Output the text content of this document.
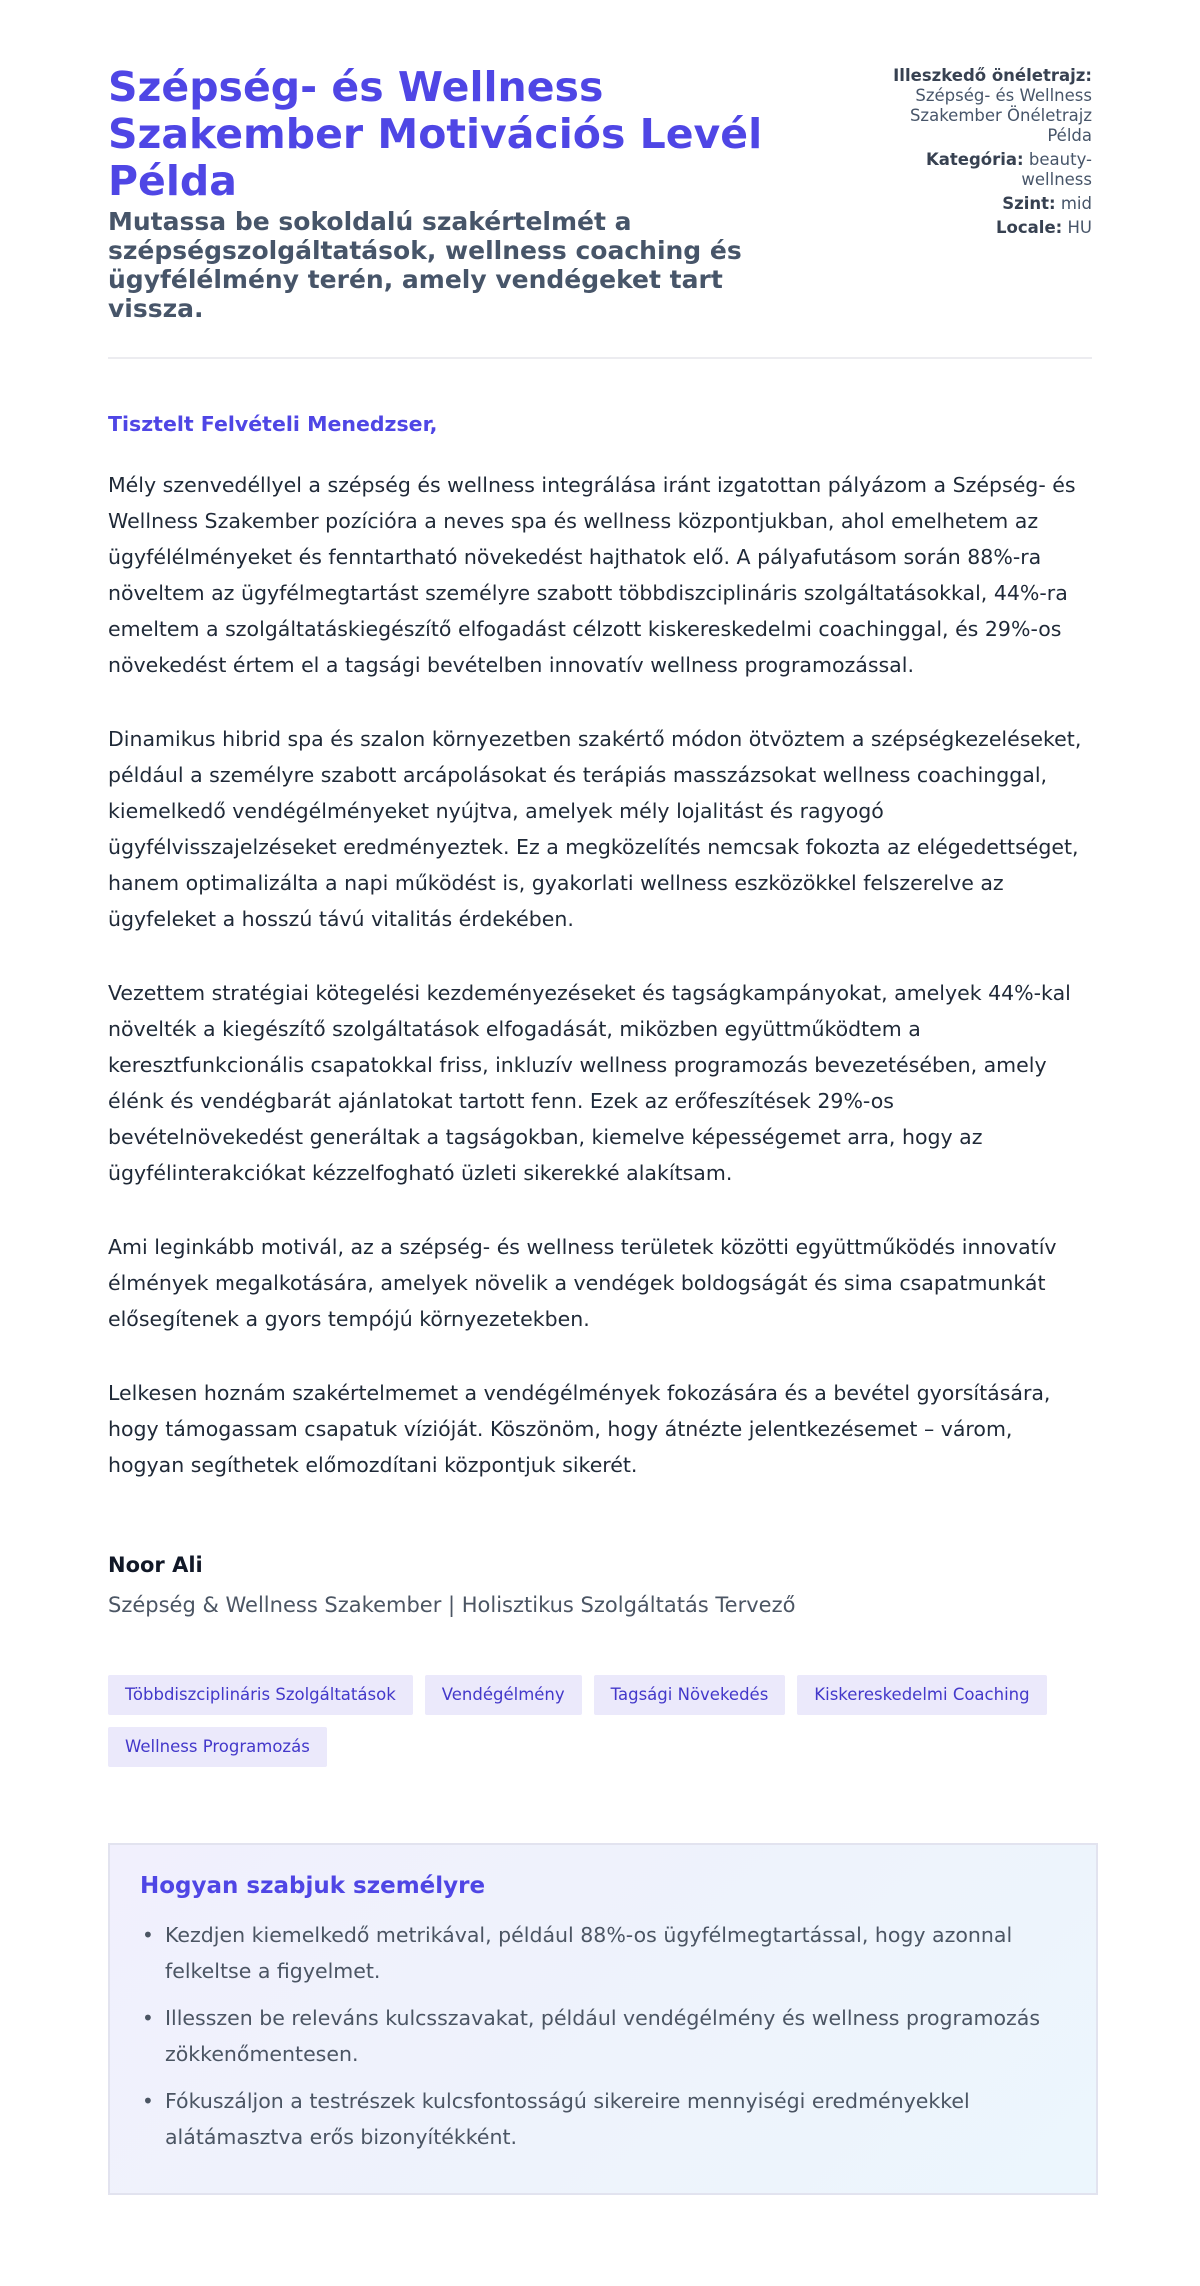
Szépség- és Wellness Szakember Motivációs Levél Példa
Mutassa be sokoldalú szakértelmét a szépségszolgáltatások, wellness coaching és ügyfélélmény terén, amely vendégeket tart vissza.
Illeszkedő önéletrajz: Szépség- és Wellness Szakember Önéletrajz Példa
Kategória: beauty-wellness
Szint: mid
Locale: HU

Tisztelt Felvételi Menedzser,

Mély szenvedéllyel a szépség és wellness integrálása iránt izgatottan pályázom a Szépség- és Wellness Szakember pozícióra a neves spa és wellness központjukban, ahol emelhetem az ügyfélélményeket és fenntartható növekedést hajthatok elő. A pályafutásom során 88%-ra növeltem az ügyfélmegtartást személyre szabott többdiszciplináris szolgáltatásokkal, 44%-ra emeltem a szolgáltatáskiegészítő elfogadást célzott kiskereskedelmi coachinggal, és 29%-os növekedést értem el a tagsági bevételben innovatív wellness programozással.

Dinamikus hibrid spa és szalon környezetben szakértő módon ötvöztem a szépségkezeléseket, például a személyre szabott arcápolásokat és terápiás masszázsokat wellness coachinggal, kiemelkedő vendégélményeket nyújtva, amelyek mély lojalitást és ragyogó ügyfélvisszajelzéseket eredményeztek. Ez a megközelítés nemcsak fokozta az elégedettséget, hanem optimalizálta a napi működést is, gyakorlati wellness eszközökkel felszerelve az ügyfeleket a hosszú távú vitalitás érdekében.

Vezettem stratégiai kötegelési kezdeményezéseket és tagságkampányokat, amelyek 44%-kal növelték a kiegészítő szolgáltatások elfogadását, miközben együttműködtem a keresztfunkcionális csapatokkal friss, inkluzív wellness programozás bevezetésében, amely élénk és vendégbarát ajánlatokat tartott fenn. Ezek az erőfeszítések 29%-os bevételnövekedést generáltak a tagságokban, kiemelve képességemet arra, hogy az ügyfélinterakciókat kézzelfogható üzleti sikerekké alakítsam.

Ami leginkább motivál, az a szépség- és wellness területek közötti együttműködés innovatív élmények megalkotására, amelyek növelik a vendégek boldogságát és sima csapatmunkát elősegítenek a gyors tempójú környezetekben.

Lelkesen hoznám szakértelmemet a vendégélmények fokozására és a bevétel gyorsítására, hogy támogassam csapatuk vízióját. Köszönöm, hogy átnézte jelentkezésemet – várom, hogyan segíthetek előmozdítani központjuk sikerét.

Noor Ali
Szépség & Wellness Szakember | Holisztikus Szolgáltatás Tervező
Többdiszciplináris Szolgáltatások	Vendégélmény	Tagsági Növekedés	Kiskereskedelmi Coaching
Wellness Programozás
Hogyan szabjuk személyre
• Kezdjen kiemelkedő metrikával, például 88%-os ügyfélmegtartással, hogy azonnal felkeltse a figyelmet.
• Illesszen be releváns kulcsszavakat, például vendégélmény és wellness programozás zökkenőmentesen.
• Fókuszáljon a testrészek kulcsfontosságú sikereire mennyiségi eredményekkel alátámasztva erős bizonyítékként.
